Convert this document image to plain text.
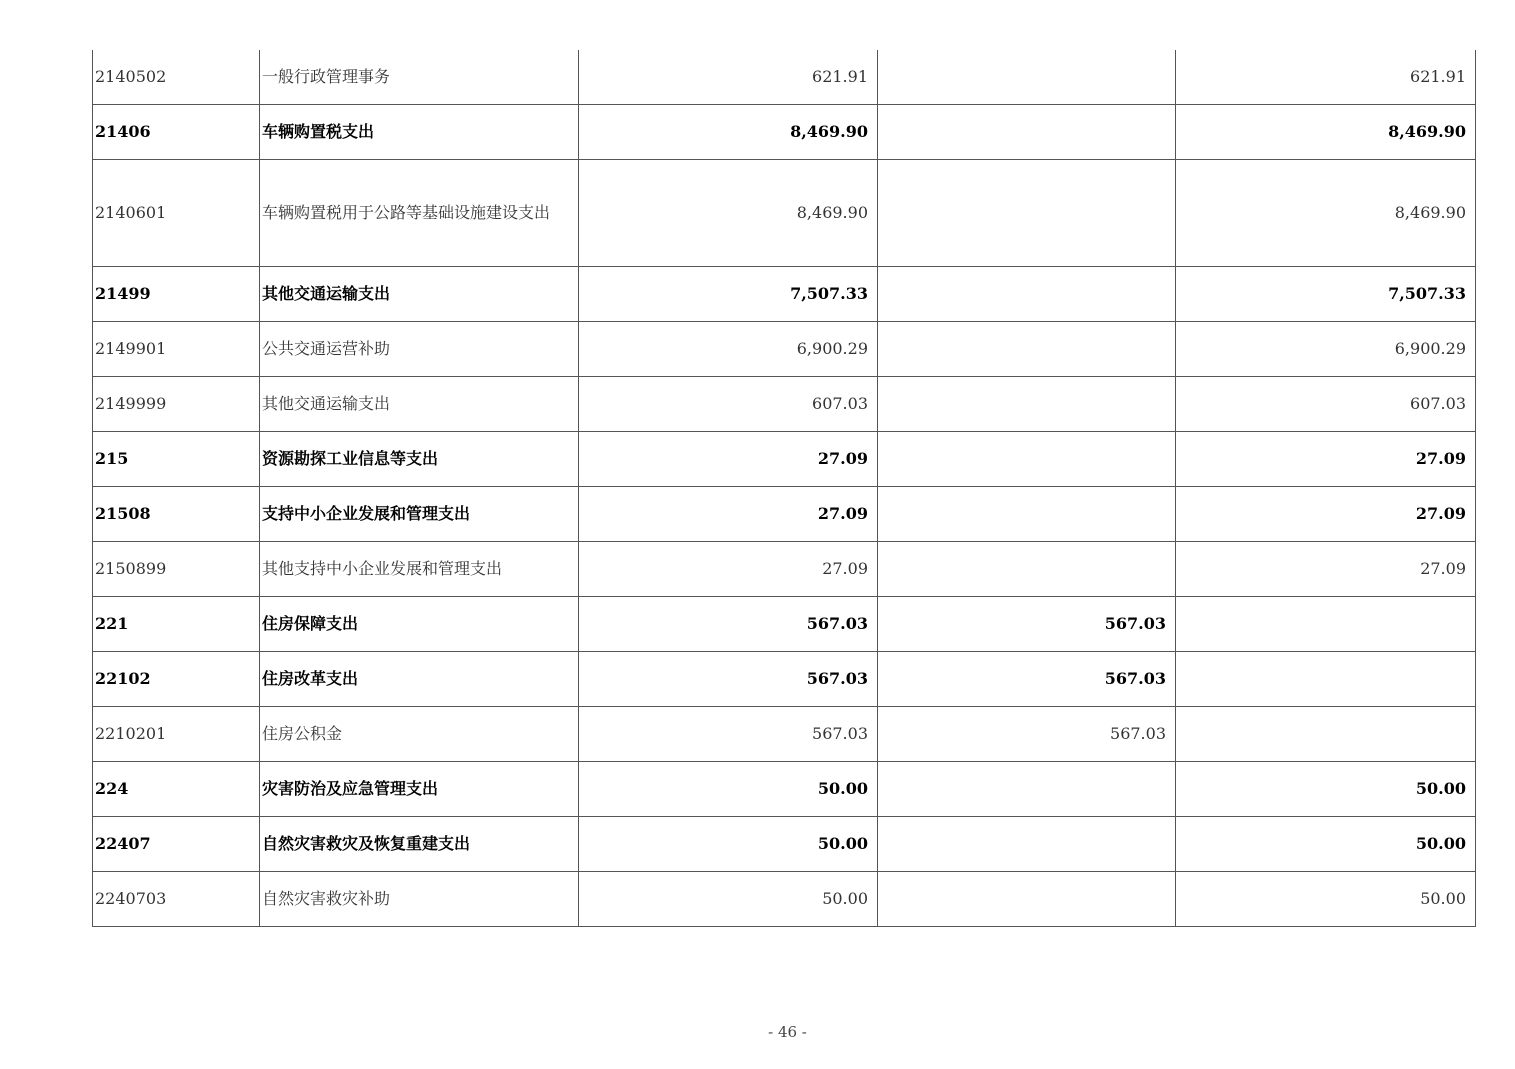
2140502	一般行政管理事务	621.91		621.91
21406	车辆购置税支出	8,469.90		8,469.90
2140601	车辆购置税用于公路等基础设施建设支出	8,469.90		8,469.90
21499	其他交通运输支出	7,507.33		7,507.33
2149901	公共交通运营补助	6,900.29		6,900.29
2149999	其他交通运输支出	607.03		607.03
215	资源勘探工业信息等支出	27.09		27.09
21508	支持中小企业发展和管理支出	27.09		27.09
2150899	其他支持中小企业发展和管理支出	27.09		27.09
221	住房保障支出	567.03	567.03	
22102	住房改革支出	567.03	567.03	
2210201	住房公积金	567.03	567.03	
224	灾害防治及应急管理支出	50.00		50.00
22407	自然灾害救灾及恢复重建支出	50.00		50.00
2240703	自然灾害救灾补助	50.00		50.00
- 46 -
